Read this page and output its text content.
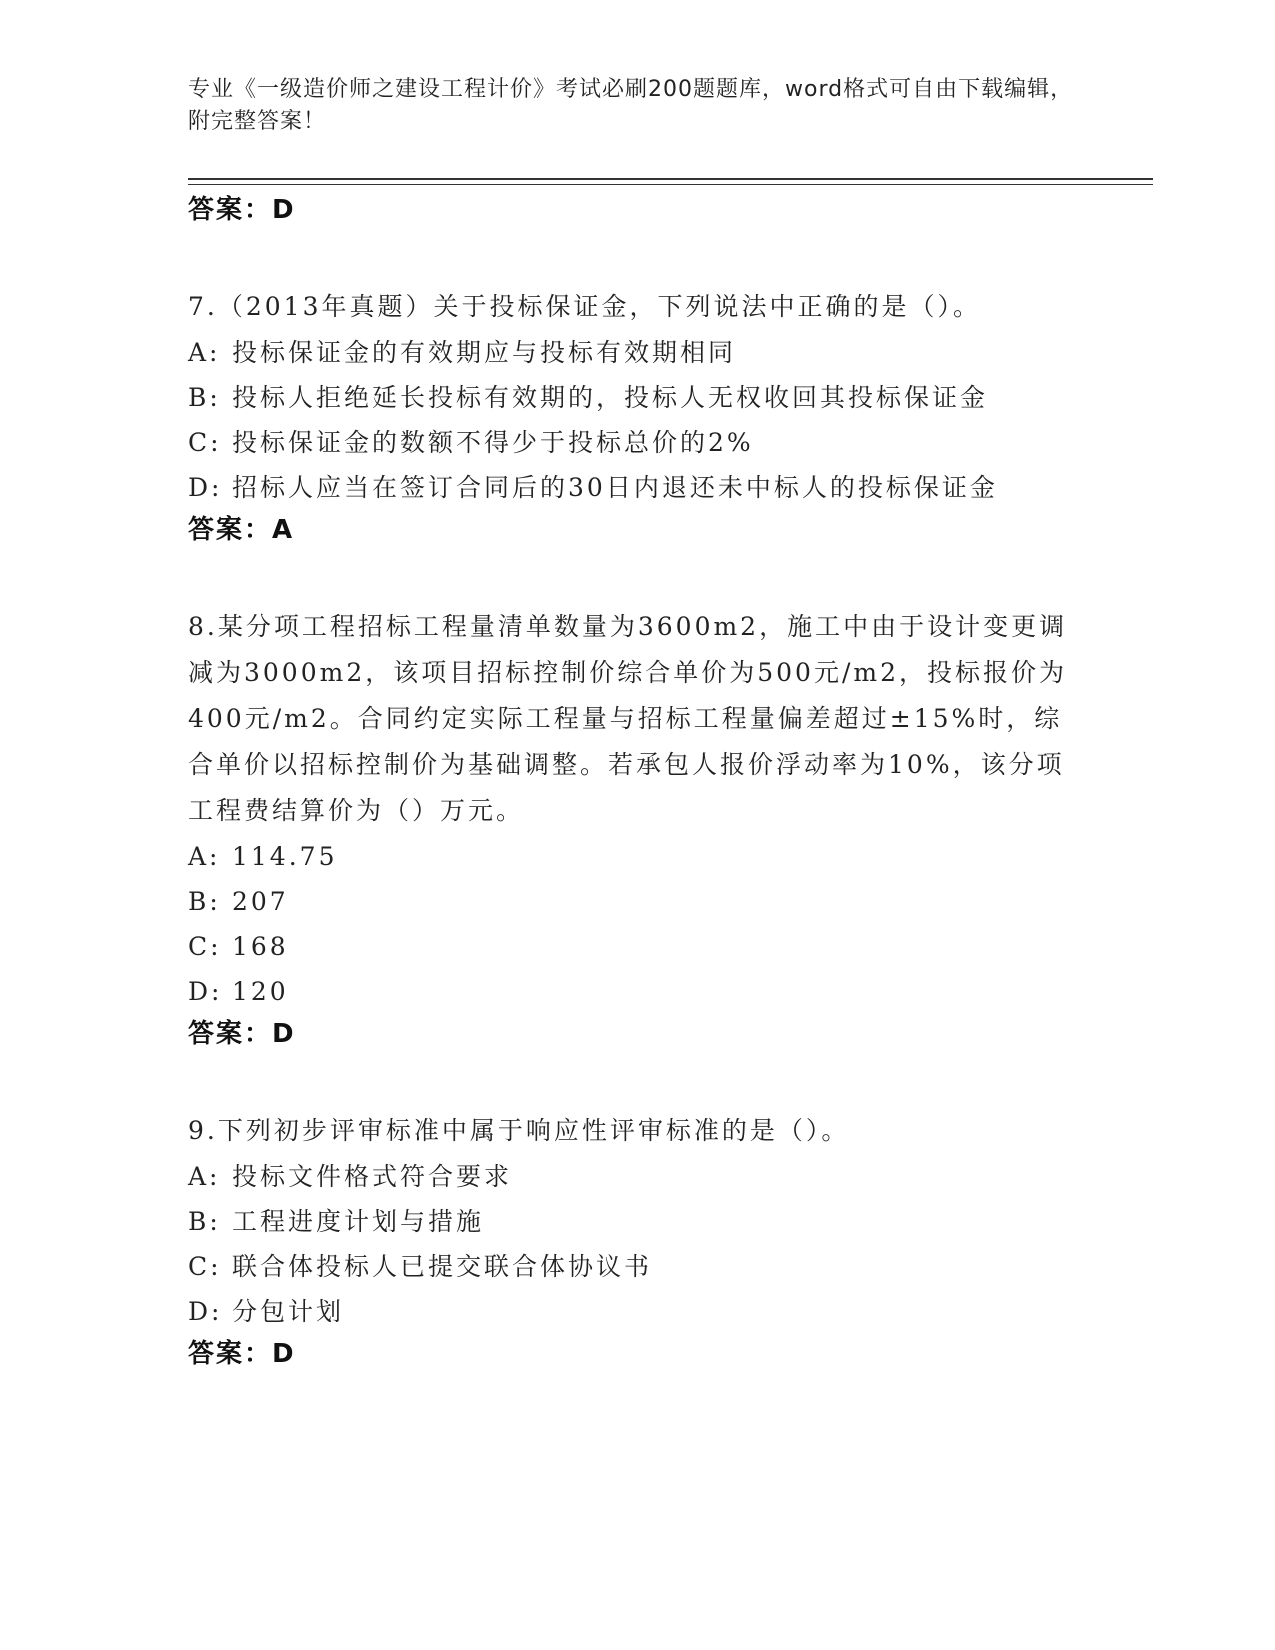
专业《一级造价师之建设工程计价》考试必刷200题题库，word格式可自由下载编辑，附完整答案！
答案：D
7.（2013年真题）关于投标保证金，下列说法中正确的是（）。
A: 投标保证金的有效期应与投标有效期相同
B: 投标人拒绝延长投标有效期的，投标人无权收回其投标保证金
C: 投标保证金的数额不得少于投标总价的2%
D: 招标人应当在签订合同后的30日内退还未中标人的投标保证金
答案：A
8.某分项工程招标工程量清单数量为3600m2，施工中由于设计变更调减为3000m2，该项目招标控制价综合单价为500元/m2，投标报价为400元/m2。合同约定实际工程量与招标工程量偏差超过±15%时，综合单价以招标控制价为基础调整。若承包人报价浮动率为10%，该分项工程费结算价为（）万元。
A: 114.75
B: 207
C: 168
D: 120
答案：D
9.下列初步评审标准中属于响应性评审标准的是（）。
A: 投标文件格式符合要求
B: 工程进度计划与措施
C: 联合体投标人已提交联合体协议书
D: 分包计划
答案：D
